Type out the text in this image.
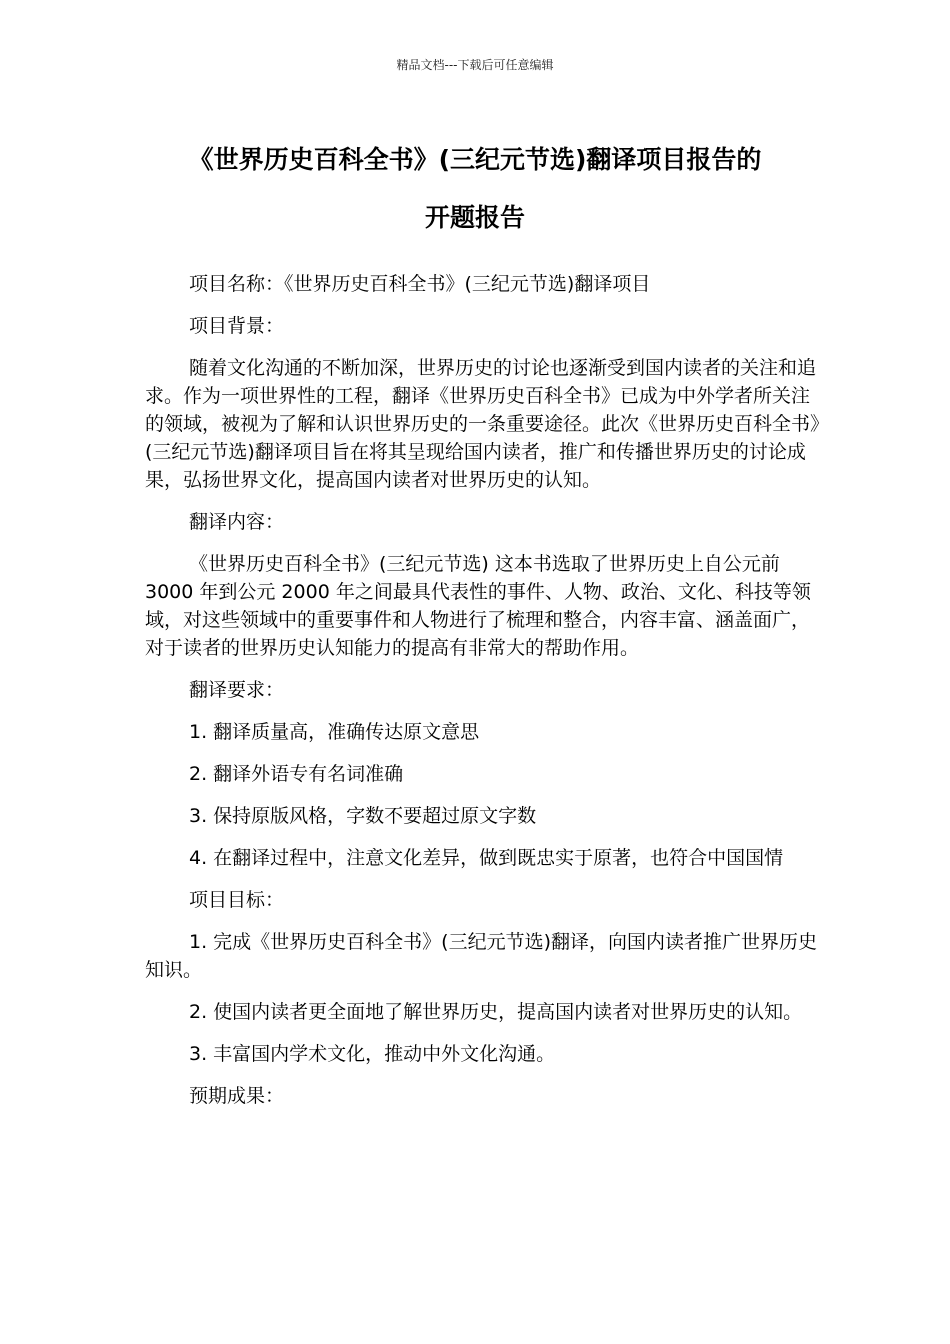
精品文档---下载后可任意编辑
《世界历史百科全书》(三纪元节选)翻译项目报告的
开题报告

项目名称：《世界历史百科全书》(三纪元节选)翻译项目

项目背景：

随着文化沟通的不断加深，世界历史的讨论也逐渐受到国内读者的关注和追求。作为一项世界性的工程，翻译《世界历史百科全书》已成为中外学者所关注的领域，被视为了解和认识世界历史的一条重要途径。此次《世界历史百科全书》(三纪元节选)翻译项目旨在将其呈现给国内读者，推广和传播世界历史的讨论成果，弘扬世界文化，提高国内读者对世界历史的认知。

翻译内容：

《世界历史百科全书》(三纪元节选) 这本书选取了世界历史上自公元前 3000 年到公元 2000 年之间最具代表性的事件、人物、政治、文化、科技等领域，对这些领域中的重要事件和人物进行了梳理和整合，内容丰富、涵盖面广，对于读者的世界历史认知能力的提高有非常大的帮助作用。

翻译要求：

1. 翻译质量高，准确传达原文意思

2. 翻译外语专有名词准确

3. 保持原版风格，字数不要超过原文字数

4. 在翻译过程中，注意文化差异，做到既忠实于原著，也符合中国国情

项目目标：

1. 完成《世界历史百科全书》(三纪元节选)翻译，向国内读者推广世界历史知识。

2. 使国内读者更全面地了解世界历史，提高国内读者对世界历史的认知。

3. 丰富国内学术文化，推动中外文化沟通。

预期成果：
